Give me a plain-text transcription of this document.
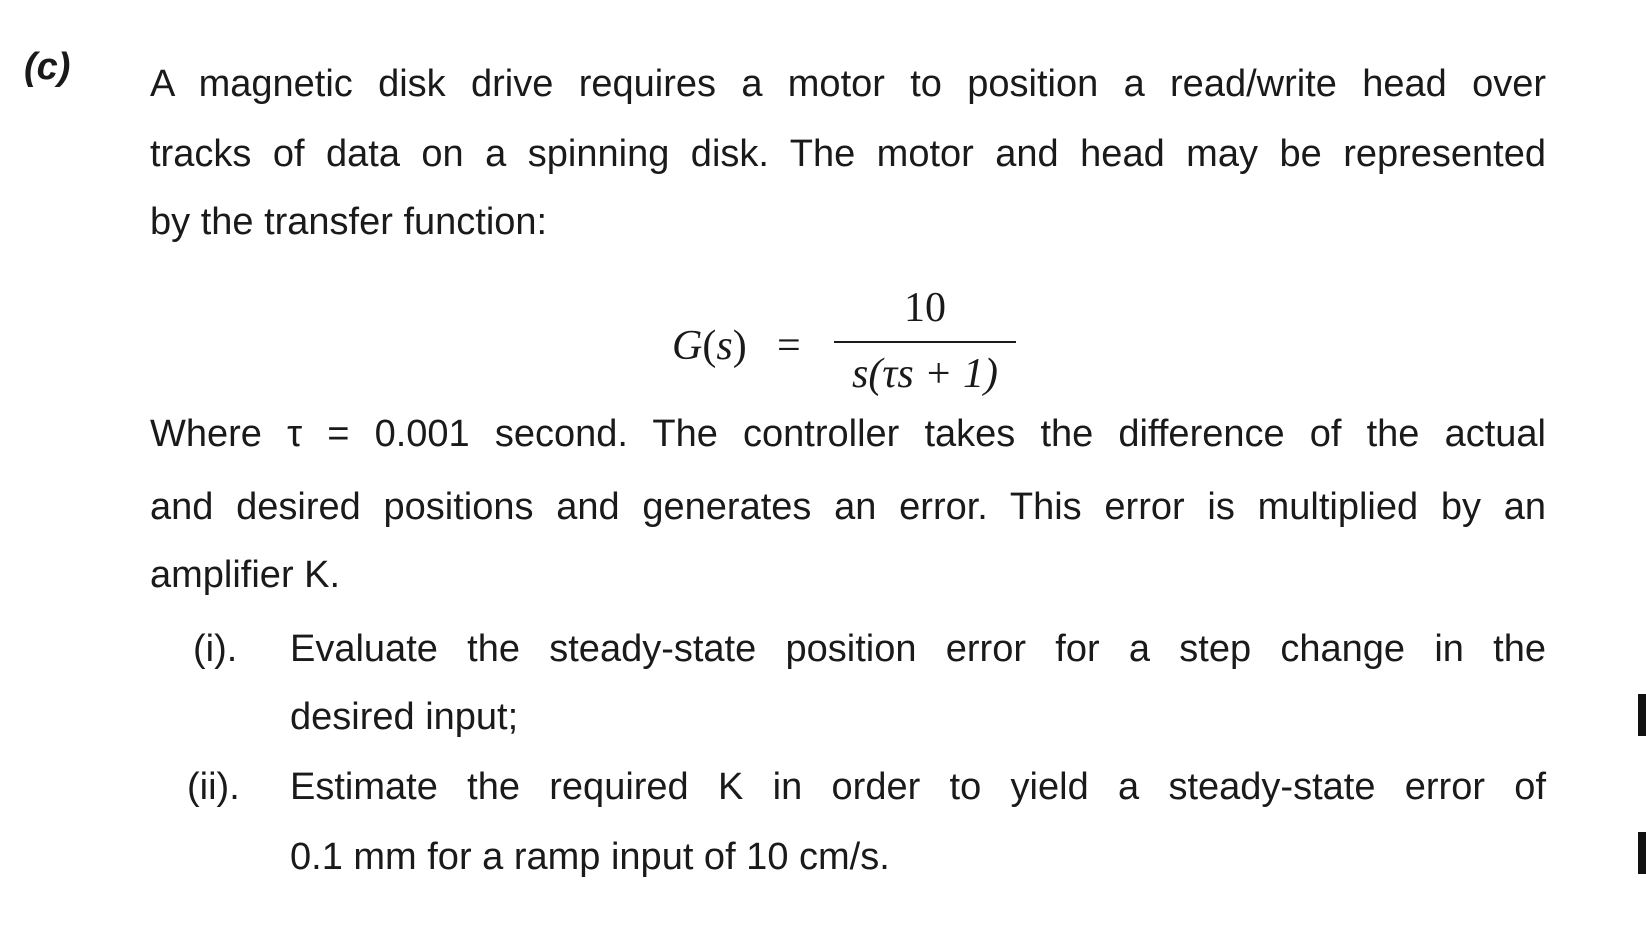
(c) A magnetic disk drive requires a motor to position a read/write head over
tracks of data on a spinning disk. The motor and head may be represented
by the transfer function:
G(s) =
10
s(τs + 1)
Where τ = 0.001 second. The controller takes the difference of the actual
and desired positions and generates an error. This error is multiplied by an
amplifier K.
(i). Evaluate the steady-state position error for a step change in the
desired input;
(ii). Estimate the required K in order to yield a steady-state error of
0.1 mm for a ramp input of 10 cm/s.
